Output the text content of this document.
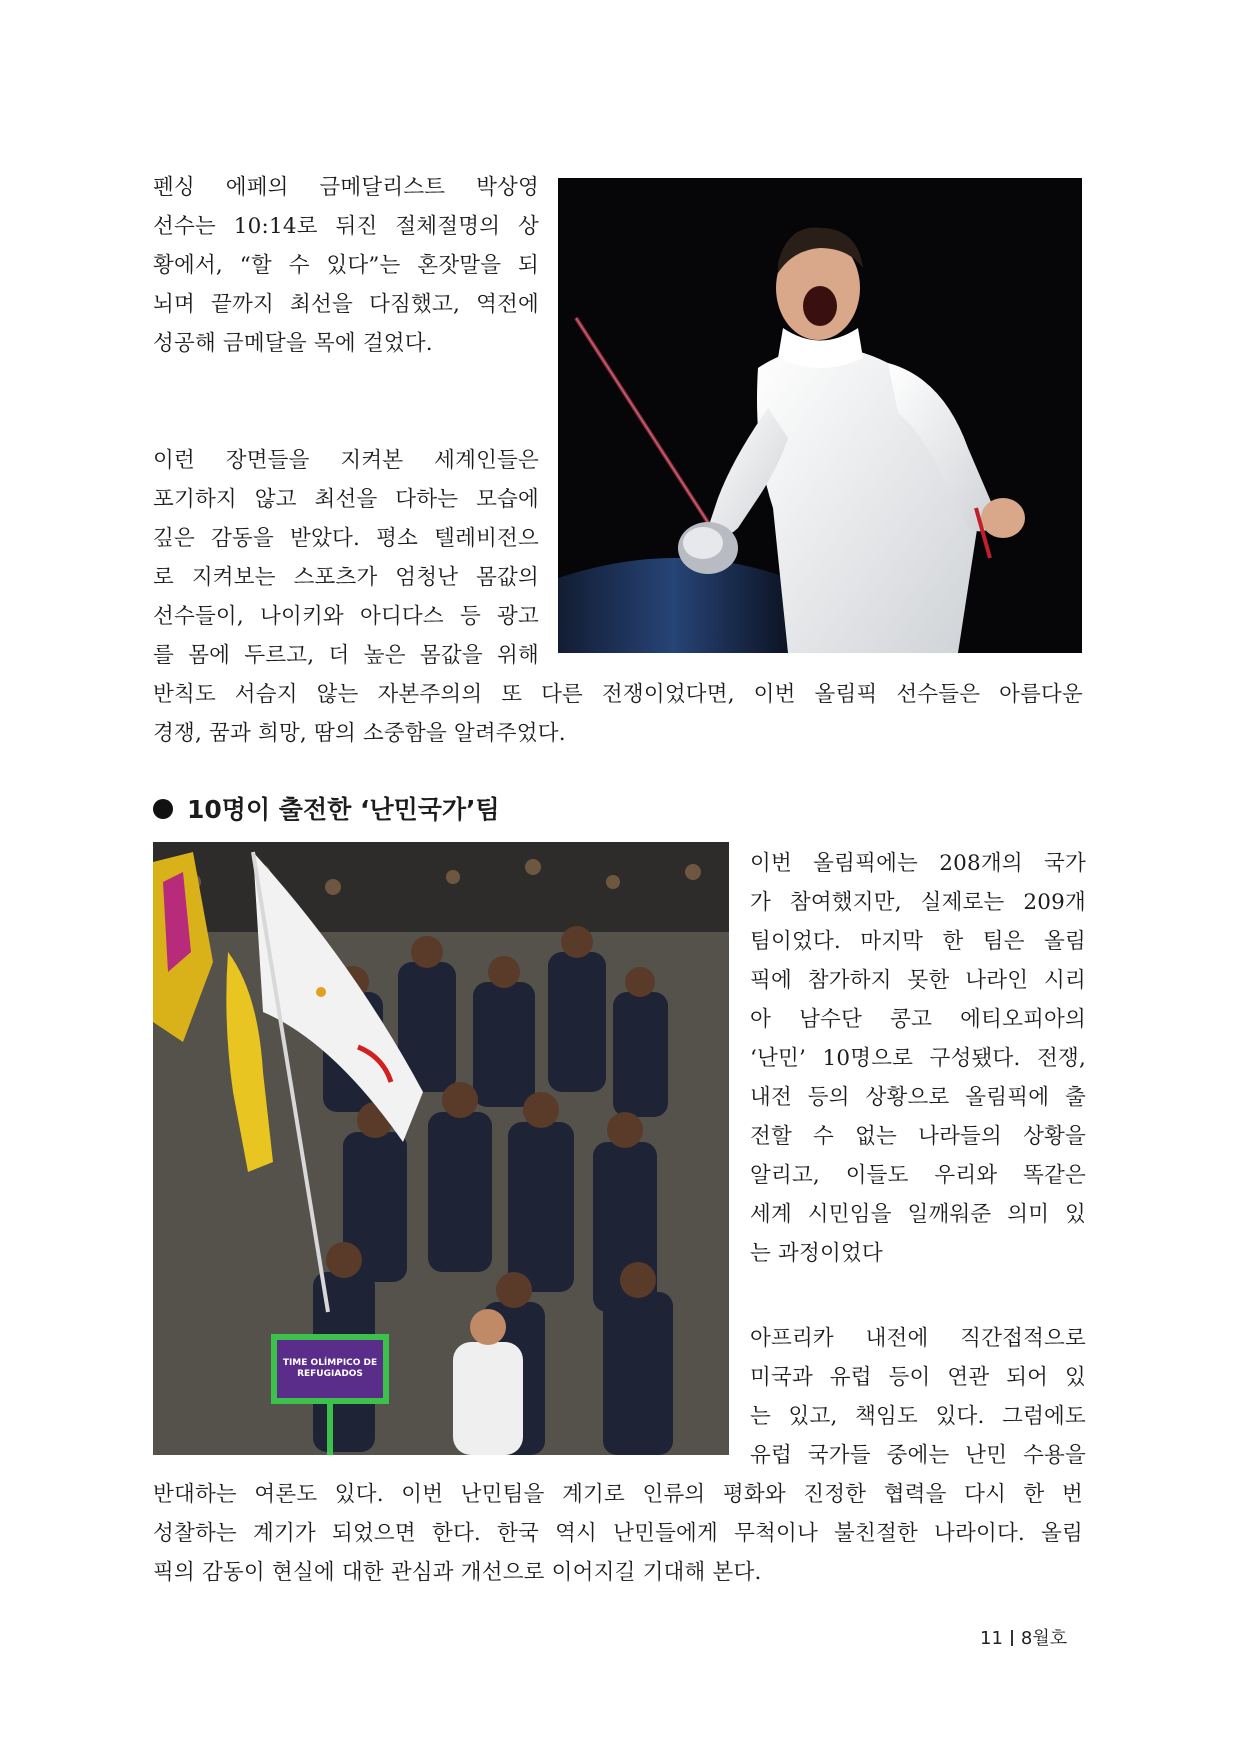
펜싱 에페의 금메달리스트 박상영

선수는 10:14로 뒤진 절체절명의 상

황에서, “할 수 있다”는 혼잣말을 되

뇌며 끝까지 최선을 다짐했고, 역전에

성공해 금메달을 목에 걸었다.

이런 장면들을 지켜본 세계인들은

포기하지 않고 최선을 다하는 모습에

깊은 감동을 받았다. 평소 텔레비전으

로 지켜보는 스포츠가 엄청난 몸값의

선수들이, 나이키와 아디다스 등 광고

를 몸에 두르고, 더 높은 몸값을 위해

반칙도 서슴지 않는 자본주의의 또 다른 전쟁이었다면, 이번 올림픽 선수들은 아름다운

경쟁, 꿈과 희망, 땀의 소중함을 알려주었다.

10명이 출전한 ‘난민국가’팀
TIME OLÍMPICO DE REFUGIADOS

이번 올림픽에는 208개의 국가

가 참여했지만, 실제로는 209개

팀이었다. 마지막 한 팀은 올림

픽에 참가하지 못한 나라인 시리

아 남수단 콩고 에티오피아의

‘난민’ 10명으로 구성됐다. 전쟁,

내전 등의 상황으로 올림픽에 출

전할 수 없는 나라들의 상황을

알리고, 이들도 우리와 똑같은

세계 시민임을 일깨워준 의미 있

는 과정이었다

아프리카 내전에 직간접적으로

미국과 유럽 등이 연관 되어 있

는 있고, 책임도 있다. 그럼에도

유럽 국가들 중에는 난민 수용을

반대하는 여론도 있다. 이번 난민팀을 계기로 인류의 평화와 진정한 협력을 다시 한 번

성찰하는 계기가 되었으면 한다. 한국 역시 난민들에게 무척이나 불친절한 나라이다. 올림

픽의 감동이 현실에 대한 관심과 개선으로 이어지길 기대해 본다.

11 8월호
